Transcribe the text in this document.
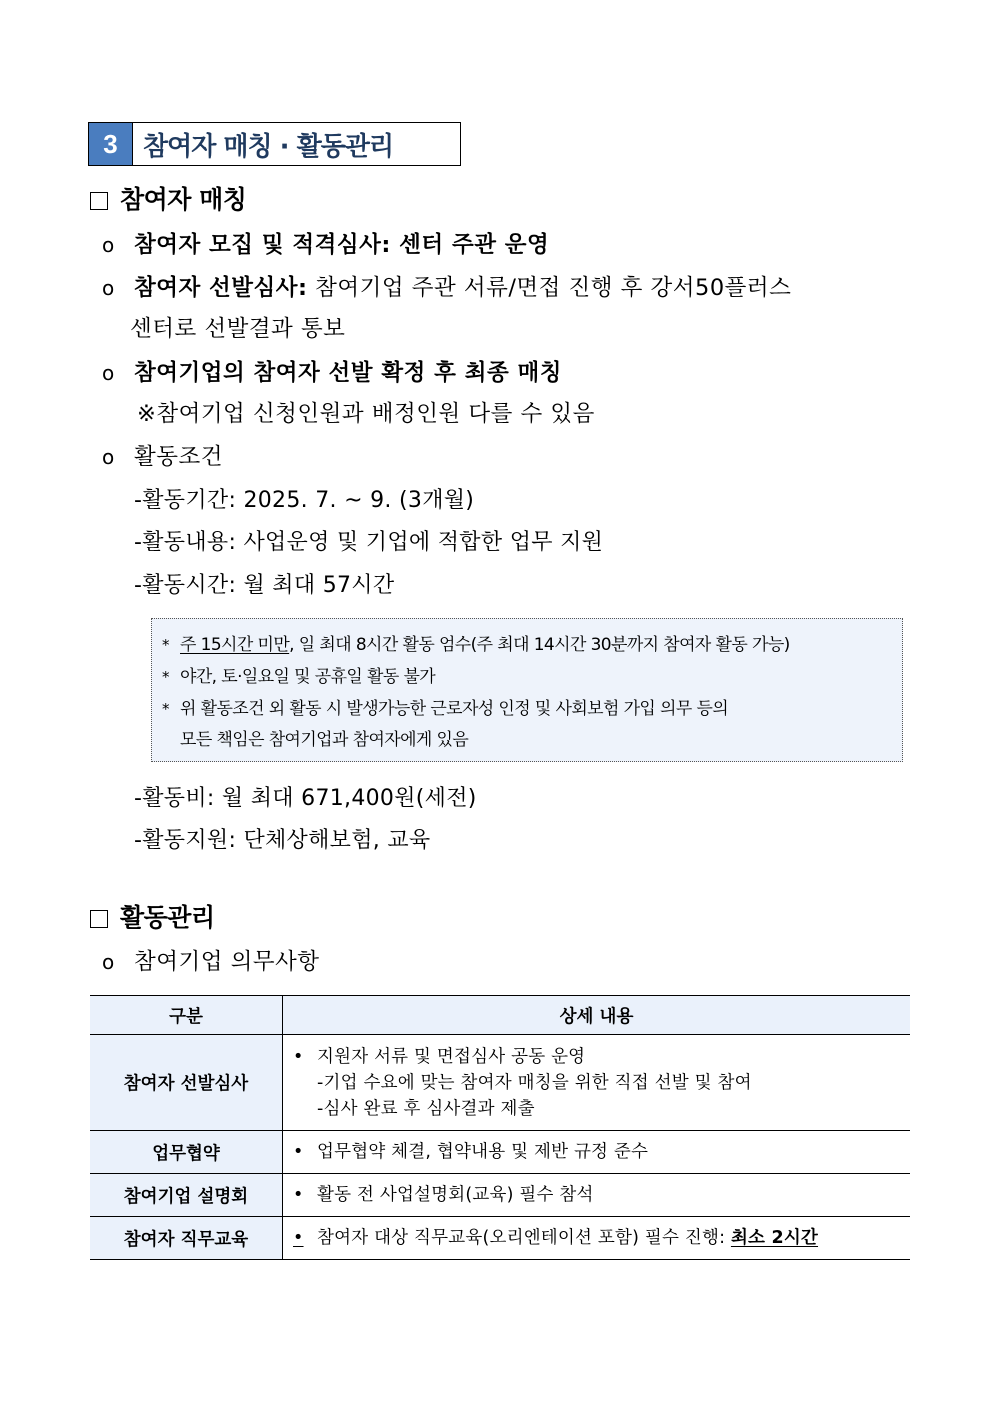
3 참여자 매칭 · 활동관리
참여자 매칭
o 참여자 모집 및 적격심사: 센터 주관 운영
o 참여자 선발심사: 참여기업 주관 서류/면접 진행 후 강서50플러스
센터로 선발결과 통보
o 참여기업의 참여자 선발 확정 후 최종 매칭
※참여기업 신청인원과 배정인원 다를 수 있음
o 활동조건
-활동기간: 2025. 7. ~ 9. (3개월)
-활동내용: 사업운영 및 기업에 적합한 업무 지원
-활동시간: 월 최대 57시간
* 주 15시간 미만, 일 최대 8시간 활동 엄수(주 최대 14시간 30분까지 참여자 활동 가능)
* 야간, 토·일요일 및 공휴일 활동 불가
* 위 활동조건 외 활동 시 발생가능한 근로자성 인정 및 사회보험 가입 의무 등의
모든 책임은 참여기업과 참여자에게 있음
-활동비: 월 최대 671,400원(세전)
-활동지원: 단체상해보험, 교육
활동관리
o 참여기업 의무사항
구분	상세 내용
참여자 선발심사	• 지원자 서류 및 면접심사 공동 운영
-기업 수요에 맞는 참여자 매칭을 위한 직접 선발 및 참여
-심사 완료 후 심사결과 제출

업무협약	• 업무협약 체결, 협약내용 및 제반 규정 준수
참여기업 설명회	• 활동 전 사업설명회(교육) 필수 참석
참여자 직무교육	• 참여자 대상 직무교육(오리엔테이션 포함) 필수 진행: 최소 2시간
